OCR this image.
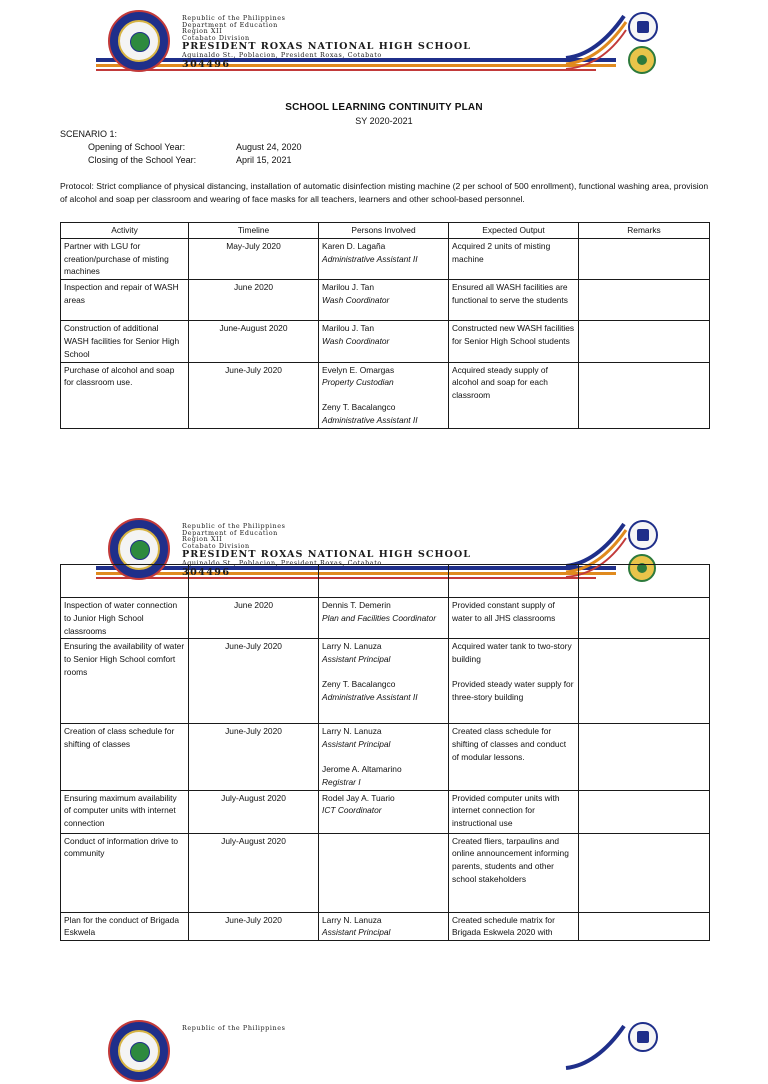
Republic of the Philippines
Department of Education
Region XII
Cotabato Division
PRESIDENT ROXAS NATIONAL HIGH SCHOOL
Aguinaldo St., Poblacion, President Roxas, Cotabato
304496
SCHOOL LEARNING CONTINUITY PLAN
SY 2020-2021
SCENARIO 1:
Opening of School Year:	August 24, 2020
Closing of the School Year:	April 15, 2021
Protocol: Strict compliance of physical distancing, installation of automatic disinfection misting machine (2 per school of 500 enrollment), functional washing area, provision of alcohol and soap per classroom and wearing of face masks for all teachers, learners and other school-based personnel.
Activity	Timeline	Persons Involved	Expected Output	Remarks
Partner with LGU for creation/purchase of misting machines	May-July 2020	Karen D. Lagaña
Administrative Assistant II	Acquired 2 units of misting machine	

Inspection and repair of WASH areas	June 2020	Marilou J. Tan
Wash Coordinator	Ensured all WASH facilities are functional to serve the students	

Construction of additional WASH facilities for Senior High School	June-August 2020	Marilou J. Tan
Wash Coordinator	Constructed new WASH facilities for Senior High School students	

Purchase of alcohol and soap for classroom use.	June-July 2020	Evelyn E. Omargas
Property Custodian
Zeny T. Bacalangco
Administrative Assistant II	Acquired steady supply of alcohol and soap for each classroom	

Republic of the Philippines
Department of Education
Region XII
Cotabato Division
PRESIDENT ROXAS NATIONAL HIGH SCHOOL
Aguinaldo St., Poblacion, President Roxas, Cotabato
304496

Inspection of water connection to Junior High School classrooms	June 2020	Dennis T. Demerin
Plan and Facilities Coordinator	Provided constant supply of water to all JHS classrooms	

Ensuring the availability of water to Senior High School comfort rooms	June-July 2020	Larry N. Lanuza
Assistant Principal
Zeny T. Bacalangco
Administrative Assistant II	Acquired water tank to two-story building
Provided steady water supply for three-story building	

Creation of class schedule for shifting of classes	June-July 2020	Larry N. Lanuza
Assistant Principal
Jerome A. Altamarino
Registrar I	Created class schedule for shifting of classes and conduct of modular lessons.	

Ensuring maximum availability of computer units with internet connection	July-August 2020	Rodel Jay A. Tuario
ICT Coordinator	Provided computer units with internet connection for instructional use	

Conduct of information drive to community	July-August 2020		Created fliers, tarpaulins and online announcement informing parents, students and other school stakeholders	

Plan for the conduct of Brigada Eskwela	June-July 2020	Larry N. Lanuza
Assistant Principal	Created schedule matrix for Brigada Eskwela 2020 with	

Republic of the Philippines
